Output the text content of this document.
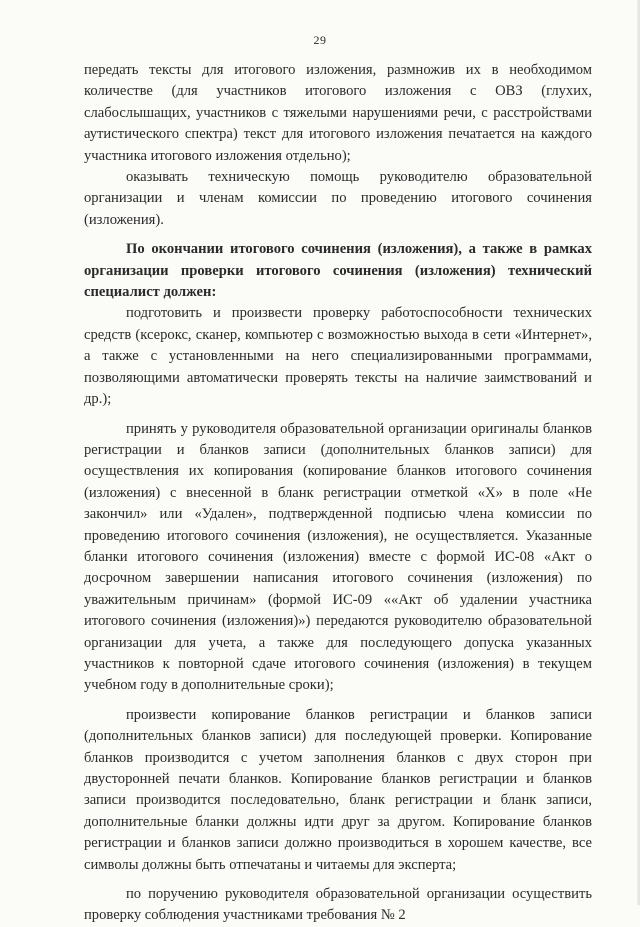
29

передать тексты для итогового изложения, размножив их в необходимом количестве (для участников итогового изложения с ОВЗ (глухих, слабослышащих, участников с тяжелыми нарушениями речи, с расстройствами аутистического спектра) текст для итогового изложения печатается на каждого участника итогового изложения отдельно);

оказывать техническую помощь руководителю образовательной организации и членам комиссии по проведению итогового сочинения (изложения).

По окончании итогового сочинения (изложения), а также в рамках организации проверки итогового сочинения (изложения) технический специалист должен:

подготовить и произвести проверку работоспособности технических средств (ксерокс, сканер, компьютер с возможностью выхода в сети «Интернет», а также с установленными на него специализированными программами, позволяющими автоматически проверять тексты на наличие заимствований и др.);

принять у руководителя образовательной организации оригиналы бланков регистрации и бланков записи (дополнительных бланков записи) для осуществления их копирования (копирование бланков итогового сочинения (изложения) с внесенной в бланк регистрации отметкой «Х» в поле «Не закончил» или «Удален», подтвержденной подписью члена комиссии по проведению итогового сочинения (изложения), не осуществляется. Указанные бланки итогового сочинения (изложения) вместе с формой ИС-08 «Акт о досрочном завершении написания итогового сочинения (изложения) по уважительным причинам» (формой ИС-09 ««Акт об удалении участника итогового сочинения (изложения)») передаются руководителю образовательной организации для учета, а также для последующего допуска указанных участников к повторной сдаче итогового сочинения (изложения) в текущем учебном году в дополнительные сроки);

произвести копирование бланков регистрации и бланков записи (дополнительных бланков записи) для последующей проверки. Копирование бланков производится с учетом заполнения бланков с двух сторон при двусторонней печати бланков. Копирование бланков регистрации и бланков записи производится последовательно, бланк регистрации и бланк записи, дополнительные бланки должны идти друг за другом. Копирование бланков регистрации и бланков записи должно производиться в хорошем качестве, все символы должны быть отпечатаны и читаемы для эксперта;

по поручению руководителя образовательной организации осуществить проверку соблюдения участниками требования № 2
